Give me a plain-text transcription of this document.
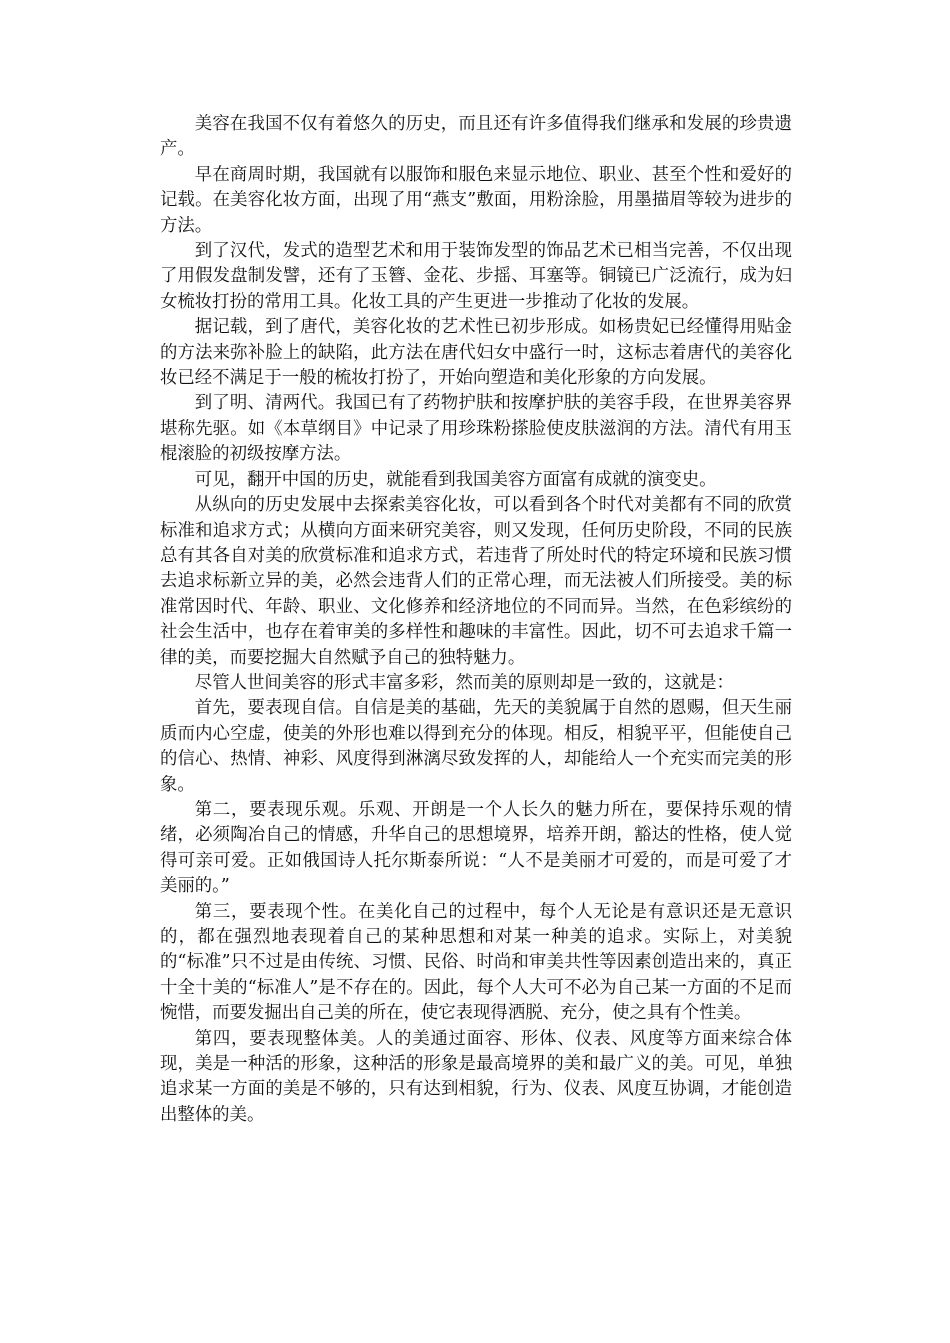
美容在我国不仅有着悠久的历史，而且还有许多值得我们继承和发展的珍贵遗产。

早在商周时期，我国就有以服饰和服色来显示地位、职业、甚至个性和爱好的记载。在美容化妆方面，出现了用“燕支”敷面，用粉涂脸，用墨描眉等较为进步的方法。

到了汉代，发式的造型艺术和用于装饰发型的饰品艺术已相当完善，不仅出现了用假发盘制发譬，还有了玉簪、金花、步摇、耳塞等。铜镜已广泛流行，成为妇女梳妆打扮的常用工具。化妆工具的产生更进一步推动了化妆的发展。

据记载，到了唐代，美容化妆的艺术性已初步形成。如杨贵妃已经懂得用贴金的方法来弥补脸上的缺陷，此方法在唐代妇女中盛行一时，这标志着唐代的美容化妆已经不满足于一般的梳妆打扮了，开始向塑造和美化形象的方向发展。

到了明、清两代。我国已有了药物护肤和按摩护肤的美容手段，在世界美容界堪称先驱。如《本草纲目》中记录了用珍珠粉搽脸使皮肤滋润的方法。清代有用玉棍滚脸的初级按摩方法。

可见，翻开中国的历史，就能看到我国美容方面富有成就的演变史。

从纵向的历史发展中去探索美容化妆，可以看到各个时代对美都有不同的欣赏标准和追求方式；从横向方面来研究美容，则又发现，任何历史阶段，不同的民族总有其各自对美的欣赏标准和追求方式，若违背了所处时代的特定环境和民族习惯去追求标新立异的美，必然会违背人们的正常心理，而无法被人们所接受。美的标准常因时代、年龄、职业、文化修养和经济地位的不同而异。当然，在色彩缤纷的社会生活中，也存在着审美的多样性和趣味的丰富性。因此，切不可去追求千篇一律的美，而要挖掘大自然赋予自己的独特魅力。

尽管人世间美容的形式丰富多彩，然而美的原则却是一致的，这就是：

首先，要表现自信。自信是美的基础，先天的美貌属于自然的恩赐，但天生丽质而内心空虚，使美的外形也难以得到充分的体现。相反，相貌平平，但能使自己的信心、热情、神彩、风度得到淋漓尽致发挥的人，却能给人一个充实而完美的形象。

第二，要表现乐观。乐观、开朗是一个人长久的魅力所在，要保持乐观的情绪，必须陶冶自己的情感，升华自己的思想境界，培养开朗，豁达的性格，使人觉得可亲可爱。正如俄国诗人托尔斯泰所说：“人不是美丽才可爱的，而是可爱了才美丽的。”

第三，要表现个性。在美化自己的过程中，每个人无论是有意识还是无意识的，都在强烈地表现着自己的某种思想和对某一种美的追求。实际上，对美貌的“标准”只不过是由传统、习惯、民俗、时尚和审美共性等因素创造出来的，真正十全十美的“标准人”是不存在的。因此，每个人大可不必为自己某一方面的不足而惋惜，而要发掘出自己美的所在，使它表现得洒脱、充分，使之具有个性美。

第四，要表现整体美。人的美通过面容、形体、仪表、风度等方面来综合体现，美是一种活的形象，这种活的形象是最高境界的美和最广义的美。可见，单独追求某一方面的美是不够的，只有达到相貌，行为、仪表、风度互协调，才能创造出整体的美。
